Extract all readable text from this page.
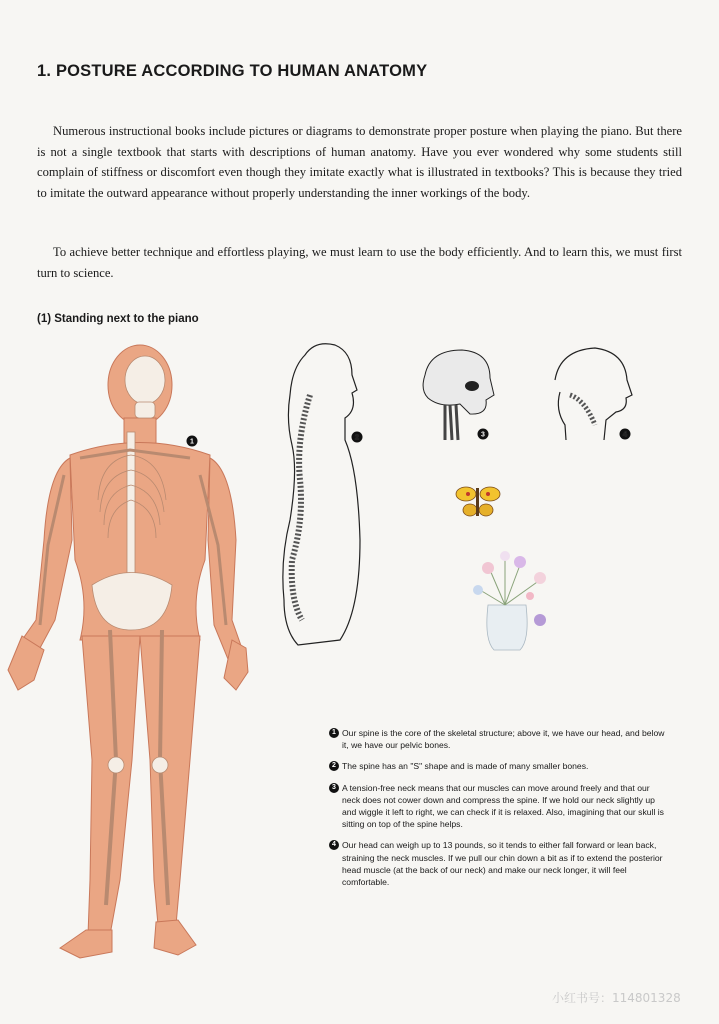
1. POSTURE ACCORDING TO HUMAN ANATOMY
Numerous instructional books include pictures or diagrams to demonstrate proper posture when playing the piano. But there is not a single textbook that starts with descriptions of human anatomy. Have you ever wondered why some students still complain of stiffness or discomfort even though they imitate exactly what is illustrated in textbooks? This is because they tried to imitate the outward appearance without properly understanding the inner workings of the body.
To achieve better technique and effortless playing, we must learn to use the body efficiently. And to learn this, we must first turn to science.
(1) Standing next to the piano
1
2	3	4
1 Our spine is the core of the skeletal structure; above it, we have our head, and below it, we have our pelvic bones.
2 The spine has an "S" shape and is made of many smaller bones.
3 A tension-free neck means that our muscles can move around freely and that our neck does not cower down and compress the spine. If we hold our neck slightly up and wiggle it left to right, we can check if it is relaxed. Also, imagining that our skull is sitting on top of the spine helps.
4 Our head can weigh up to 13 pounds, so it tends to either fall forward or lean back, straining the neck muscles. If we pull our chin down a bit as if to extend the posterior head muscle (at the back of our neck) and make our neck longer, it will feel comfortable.
小红书号：114801328
